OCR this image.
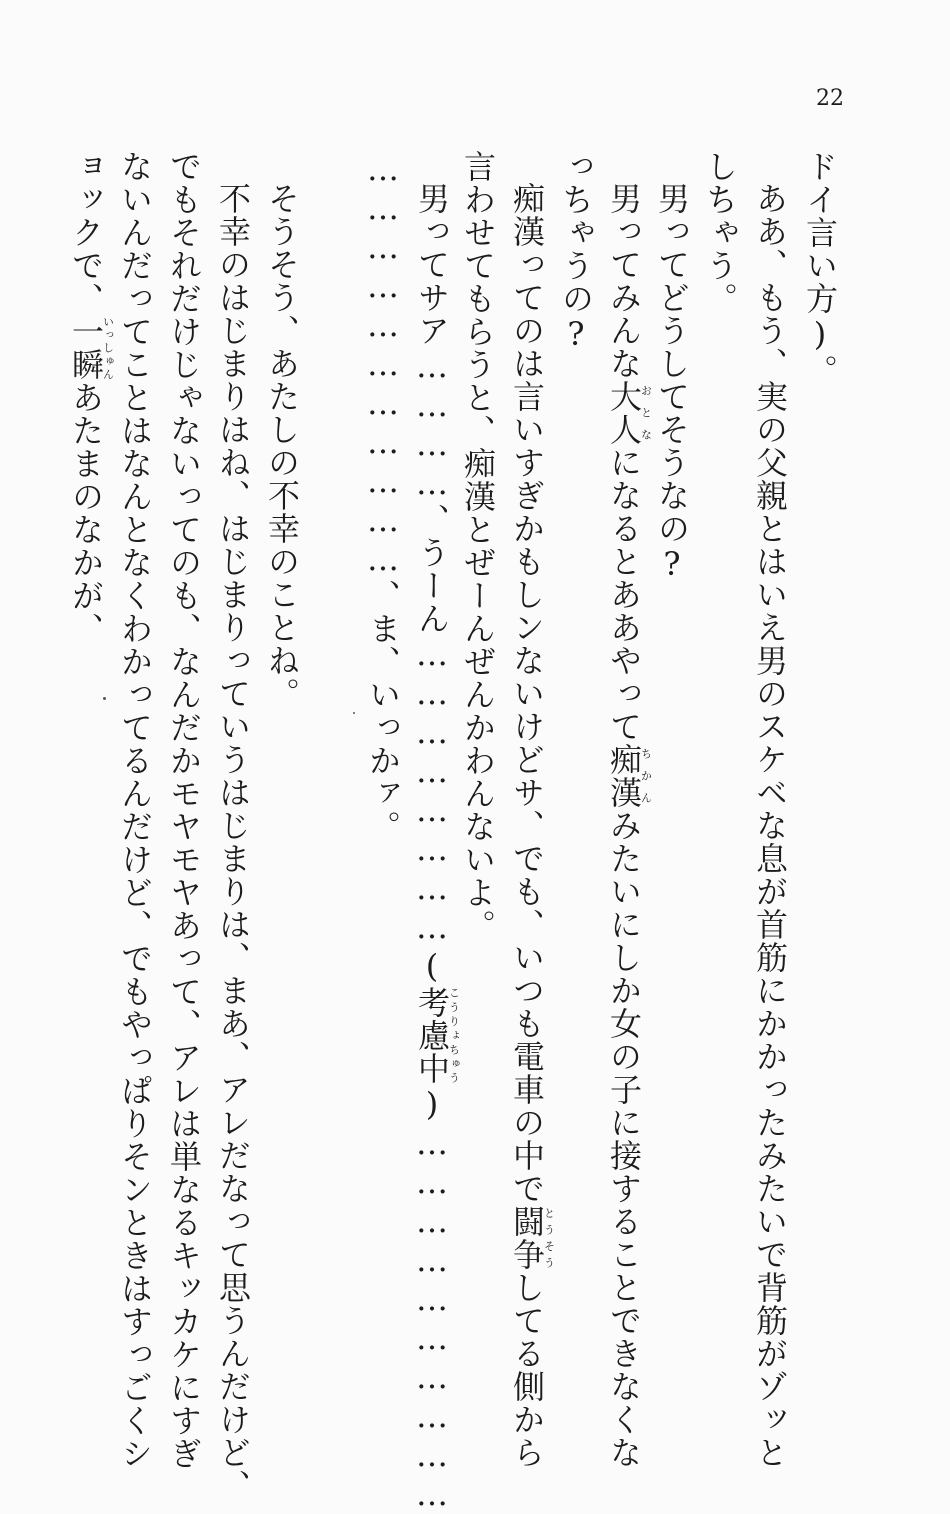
22
ドイ言い方)。
ああ、もう、実の父親とはいえ男のスケベな息が首筋にかかったみたいで背筋がゾッと
しちゃう。
男ってどうしてそうなの?
男ってみんな大人おとなになるとああやって痴漢ちかんみたいにしか女の子に接することできなくな
っちゃうの?
痴漢ってのは言いすぎかもしンないけどサ、でも、いつも電車の中で闘争とうそうしてる側から
言わせてもらうと、痴漢とぜーんぜんかわんないよ。
男ってサア…………、うーん……………………(考慮中こうりょちゅう)…………………………
……………………………、ま、いっかァ。
そうそう、あたしの不幸のことね。
不幸のはじまりはね、はじまりっていうはじまりは、まあ、アレだなって思うんだけど、
でもそれだけじゃないってのも、なんだかモヤモヤあって、アレは単なるキッカケにすぎ
ないんだってことはなんとなくわかってるんだけど、でもやっぱりそンときはすっごくシ
ョックで、一瞬いっしゅんあたまのなかが、
